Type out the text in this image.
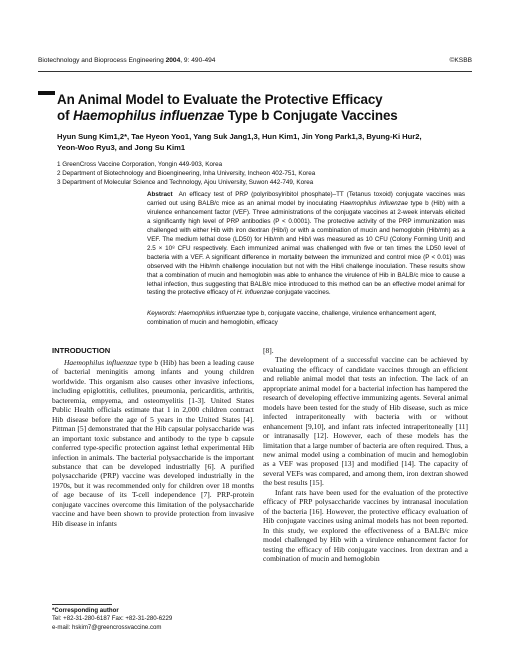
Biotechnology and Bioprocess Engineering 2004, 9: 490-494	©KSBB
An Animal Model to Evaluate the Protective Efficacy
of Haemophilus influenzae Type b Conjugate Vaccines
Hyun Sung Kim1,2*, Tae Hyeon Yoo1, Yang Suk Jang1,3, Hun Kim1, Jin Yong Park1,3, Byung-Ki Hur2,
Yeon-Woo Ryu3, and Jong Su Kim1
1 GreenCross Vaccine Corporation, Yongin 449-903, Korea
2 Department of Biotechnology and Bioengineering, Inha University, Incheon 402-751, Korea
3 Department of Molecular Science and Technology, Ajou University, Suwon 442-749, Korea
Abstract An efficacy test of PRP (polyribosylribitol phosphate)–TT (Tetanus toxoid) conjugate vaccines was carried out using BALB/c mice as an animal model by inoculating Haemophilus influenzae type b (Hib) with a virulence enhancement factor (VEF). Three administrations of the conjugate vaccines at 2-week intervals elicited a significantly high level of PRP antibodies (P < 0.0001). The protective activity of the PRP immunization was challenged with either Hib with iron dextran (Hib/i) or with a combination of mucin and hemoglobin (Hib/mh) as a VEF. The medium lethal dose (LD50) for Hib/mh and Hib/i was measured as 10 CFU (Colony Forming Unit) and 2.5 × 10⁸ CFU respectively. Each immunized animal was challenged with five or ten times the LD50 level of bacteria with a VEF. A significant difference in mortality between the immunized and control mice (P < 0.01) was observed with the Hib/mh challenge inoculation but not with the Hib/i challenge inoculation. These results show that a combination of mucin and hemoglobin was able to enhance the virulence of Hib in BALB/c mice to cause a lethal infection, thus suggesting that BALB/c mice introduced to this method can be an effective model animal for testing the protective efficacy of H. influenzae conjugate vaccines.
Keywords: Haemophilus influenzae type b, conjugate vaccine, challenge, virulence enhancement agent, combination of mucin and hemoglobin, efficacy
INTRODUCTION

Haemophilus influenzae type b (Hib) has been a leading cause of bacterial meningitis among infants and young children worldwide. This organism also causes other invasive infections, including epiglottitis, cellulites, pneumonia, pericarditis, arthritis, bacteremia, empyema, and osteomyelitis [1-3]. United States Public Health officials estimate that 1 in 2,000 children contract Hib disease before the age of 5 years in the United States [4]. Pittman [5] demonstrated that the Hib capsular polysaccharide was an important toxic substance and antibody to the type b capsule conferred type-specific protection against lethal experimental Hib infection in animals. The bacterial polysaccharide is the important substance that can be developed industrially [6]. A purified polysaccharide (PRP) vaccine was developed industrially in the 1970s, but it was recommended only for children over 18 months of age because of its T-cell independence [7]. PRP-protein conjugate vaccines overcome this limitation of the polysaccharide vaccine and have been shown to provide protection from invasive Hib disease in infants

[8].

The development of a successful vaccine can be achieved by evaluating the efficacy of candidate vaccines through an efficient and reliable animal model that tests an infection. The lack of an appropriate animal model for a bacterial infection has hampered the research of developing effective immunizing agents. Several animal models have been tested for the study of Hib disease, such as mice infected intraperitoneally with bacteria with or without enhancement [9,10], and infant rats infected intraperitoneally [11] or intranasally [12]. However, each of these models has the limitation that a large number of bacteria are often required. Thus, a new animal model using a combination of mucin and hemoglobin as a VEF was proposed [13] and modified [14]. The capacity of several VEFs was compared, and among them, iron dextran showed the best results [15].

Infant rats have been used for the evaluation of the protective efficacy of PRP polysaccharide vaccines by intranasal inoculation of the bacteria [16]. However, the protective efficacy evaluation of Hib conjugate vaccines using animal models has not been reported. In this study, we explored the effectiveness of a BALB/c mice model challenged by Hib with a virulence enhancement factor for testing the efficacy of Hib conjugate vaccines. Iron dextran and a combination of mucin and hemoglobin

*Corresponding author
Tel: +82-31-280-6187 Fax: +82-31-280-6229
e-mail: hskim7@greencrossvaccine.com
